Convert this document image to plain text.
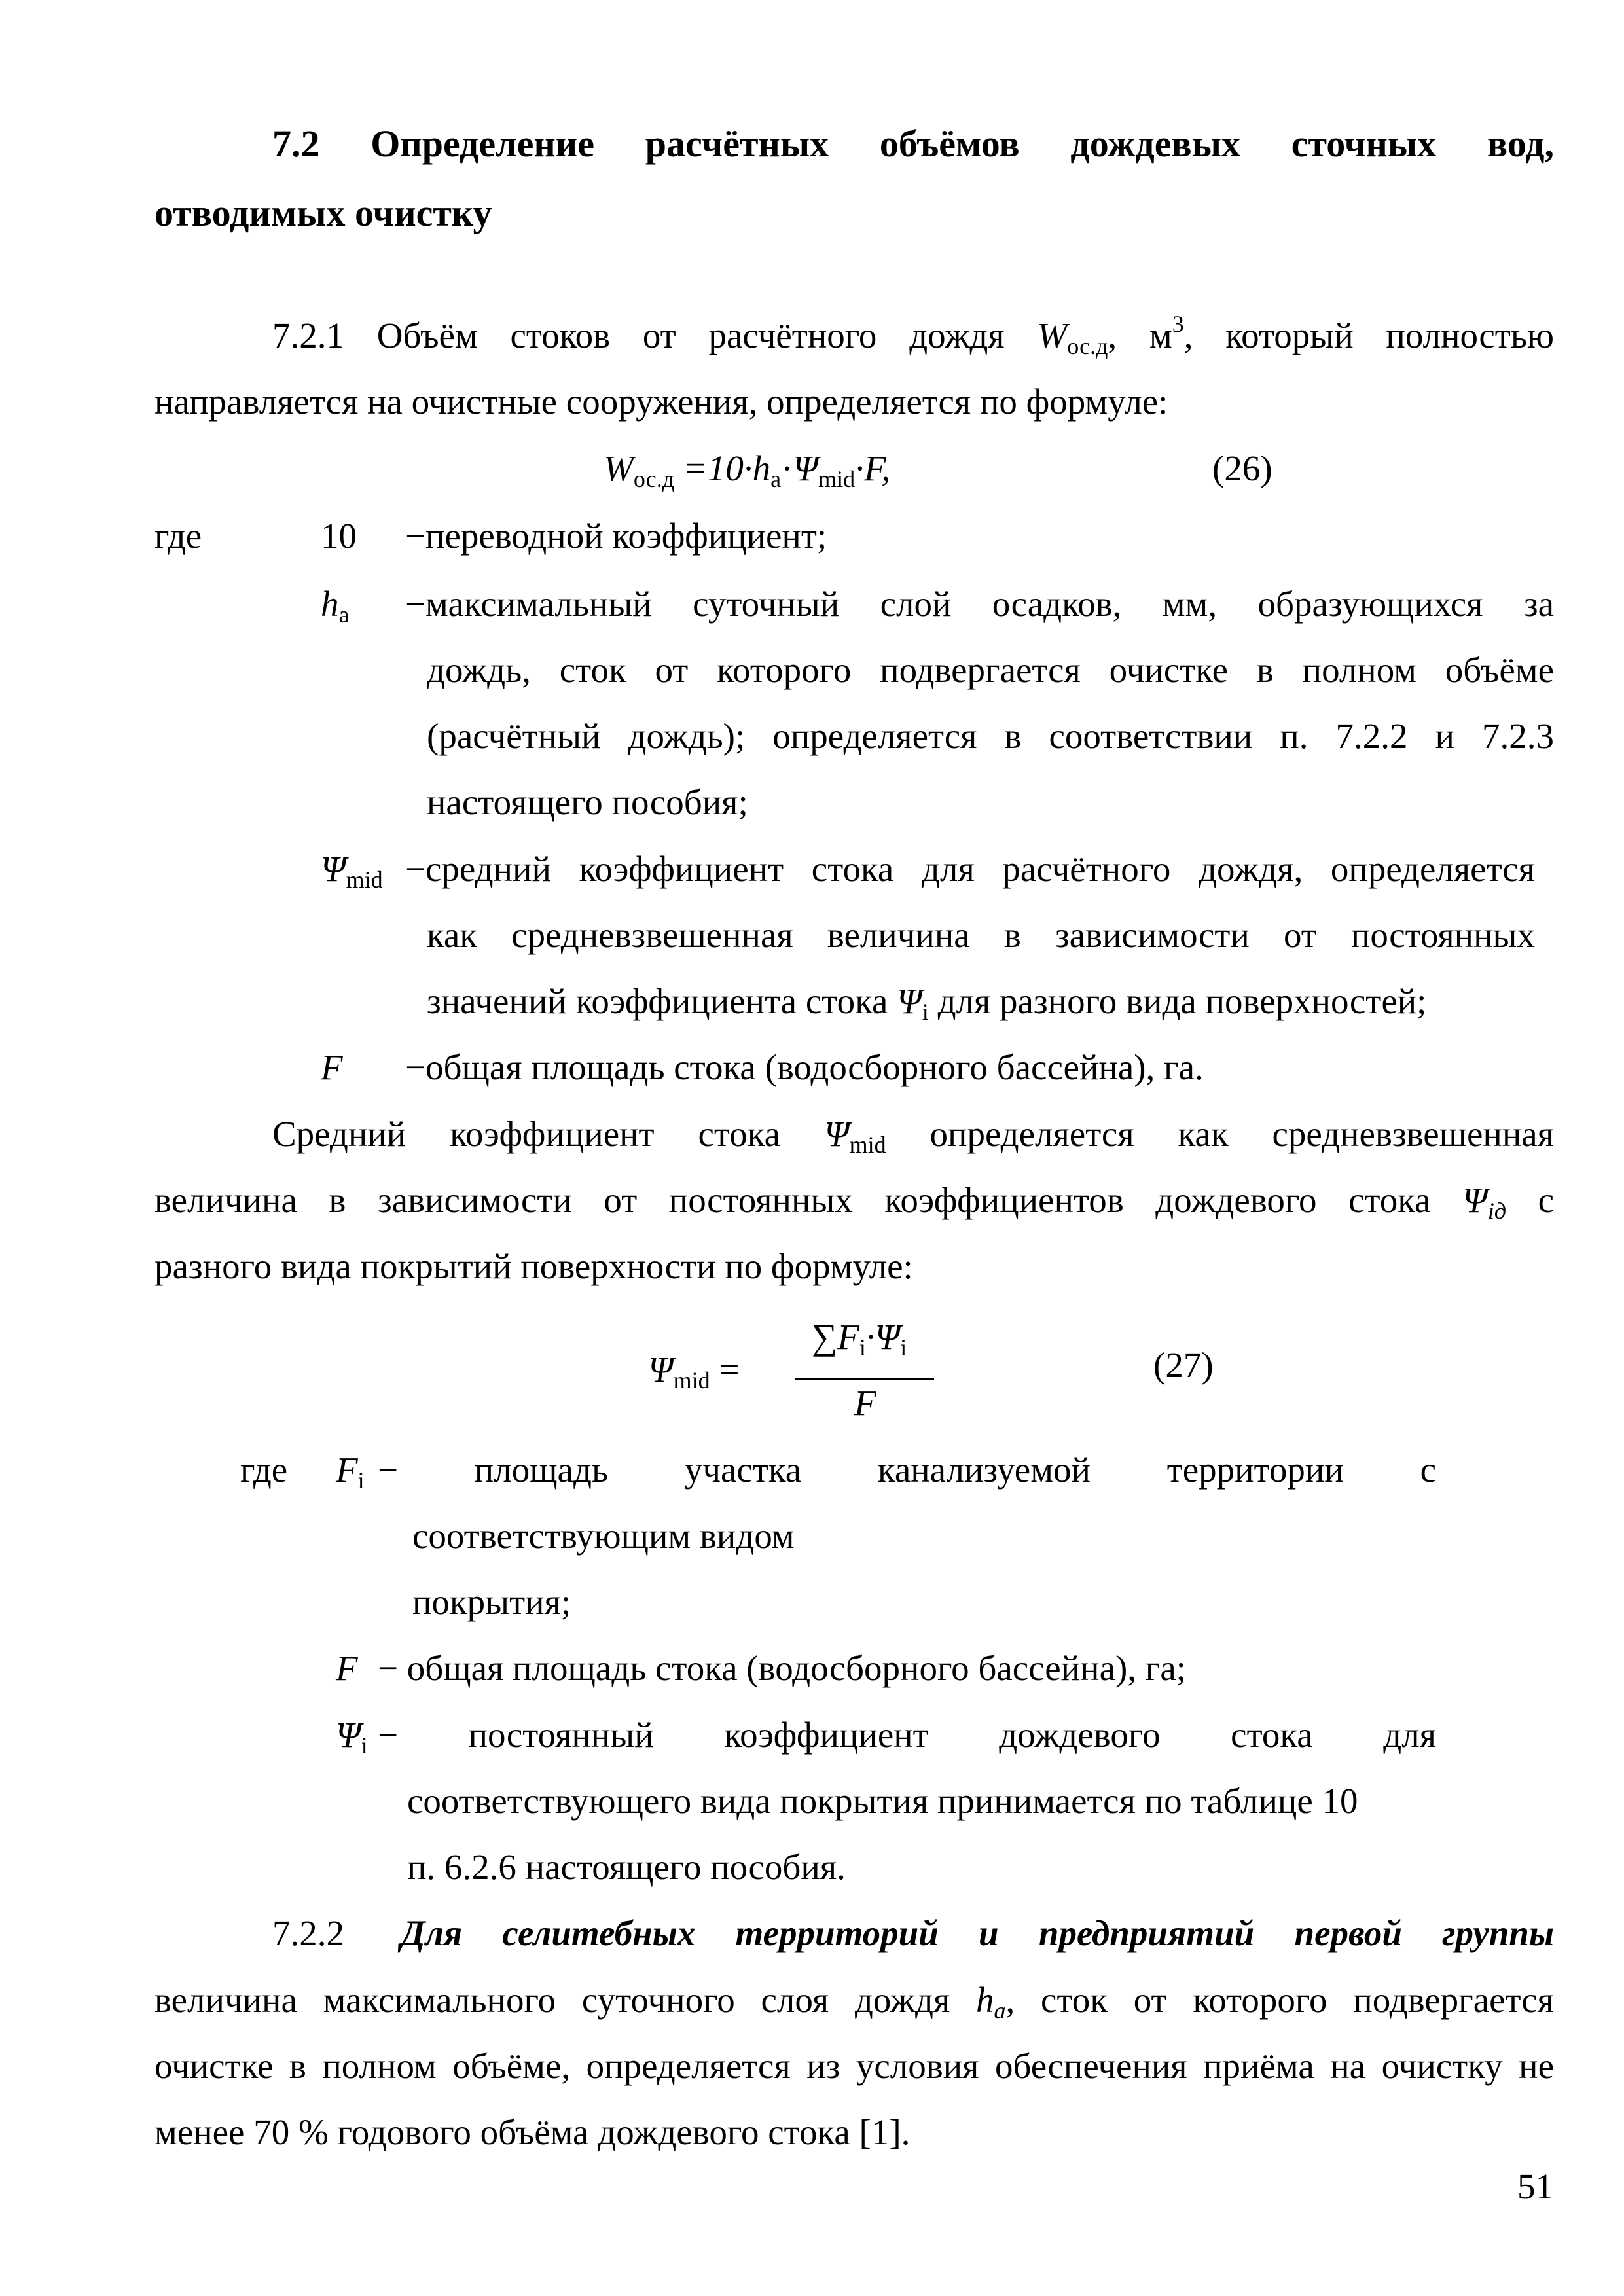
7.2 Определение расчётных объёмов дождевых сточных вод,
отводимых очистку
7.2.1 Объём стоков от расчётного дождя $W_{ос.д}$, $м^3$, который полностью
направляется на очистные сооружения, определяется по формуле:
$W_{ос.д} =10\cdot h_а\cdot\Psi_{mid}\cdot F$,	(26)
где	10 −переводной коэффициент;
$h_а$ −максимальный суточный слой осадков, мм, образующихся за
дождь, сток от которого подвергается очистке в полном объёме
(расчётный дождь); определяется в соответствии п. 7.2.2 и 7.2.3
настоящего пособия;
$\Psi_{mid}$ −средний коэффициент стока для расчётного дождя, определяется
как средневзвешенная величина в зависимости от постоянных
значений коэффициента стока $\Psi_i$ для разного вида поверхностей;
F −общая площадь стока (водосборного бассейна), га.
Средний коэффициент стока $\Psi_{mid}$ определяется как средневзвешенная
величина в зависимости от постоянных коэффициентов дождевого стока $\Psi_{iд}$ с
разного вида покрытий поверхности по формуле:
$\Psi_{mid}$ =
$\sum F_i\cdot\Psi_i$
F
(27)
где $F_i$ − площадь участка канализуемой территории с
соответствующим видом
покрытия;
F − общая площадь стока (водосборного бассейна), га;
$\Psi_i$ − постоянный коэффициент дождевого стока для
соответствующего вида покрытия принимается по таблице 10
п. 6.2.6 настоящего пособия.
7.2.2 Для селитебных территорий и предприятий первой группы
величина максимального суточного слоя дождя $h_a$, сток от которого подвергается
очистке в полном объёме, определяется из условия обеспечения приёма на очистку не
менее 70 % годового объёма дождевого стока [1].
51
